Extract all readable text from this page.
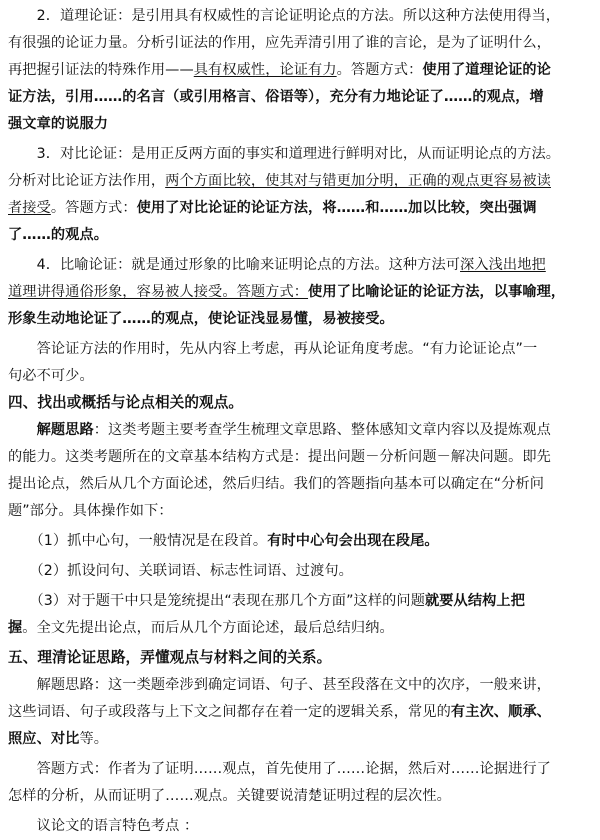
　　2．道理论证：是引用具有权威性的言论证明论点的方法。所以这种方法使用得当，
有很强的论证力量。分析引证法的作用，应先弄清引用了谁的言论，是为了证明什么，
再把握引证法的特殊作用——具有权威性，论证有力。答题方式：使用了道理论证的论
证方法，引用……的名言（或引用格言、俗语等），充分有力地论证了……的观点，增
强文章的说服力
　　3．对比论证：是用正反两方面的事实和道理进行鲜明对比，从而证明论点的方法。
分析对比论证方法作用，两个方面比较，使其对与错更加分明，正确的观点更容易被读
者接受。答题方式：使用了对比论证的论证方法，将……和……加以比较，突出强调
了……的观点。
　　4．比喻论证：就是通过形象的比喻来证明论点的方法。这种方法可深入浅出地把
道理讲得通俗形象，容易被人接受。答题方式：使用了比喻论证的论证方法，以事喻理，
形象生动地论证了……的观点，使论证浅显易懂，易被接受。
　　答论证方法的作用时，先从内容上考虑，再从论证角度考虑。“有力论证论点”一
句必不可少。
四、找出或概括与论点相关的观点。
　　解题思路：这类考题主要考查学生梳理文章思路、整体感知文章内容以及提炼观点
的能力。这类考题所在的文章基本结构方式是：提出问题－分析问题－解决问题。即先
提出论点，然后从几个方面论述，然后归结。我们的答题指向基本可以确定在“分析问
题”部分。具体操作如下：
　　（1）抓中心句，一般情况是在段首。有时中心句会出现在段尾。
　　（2）抓设问句、关联词语、标志性词语、过渡句。
　　（3）对于题干中只是笼统提出“表现在那几个方面”这样的问题就要从结构上把
握。全文先提出论点，而后从几个方面论述，最后总结归纳。
五、理清论证思路，弄懂观点与材料之间的关系。
　　解题思路：这一类题牵涉到确定词语、句子、甚至段落在文中的次序，一般来讲，
这些词语、句子或段落与上下文之间都存在着一定的逻辑关系，常见的有主次、顺承、
照应、对比等。
　　答题方式：作者为了证明……观点，首先使用了……论据，然后对……论据进行了
怎样的分析，从而证明了……观点。关键要说清楚证明过程的层次性。
　　议论文的语言特色考点 ：
